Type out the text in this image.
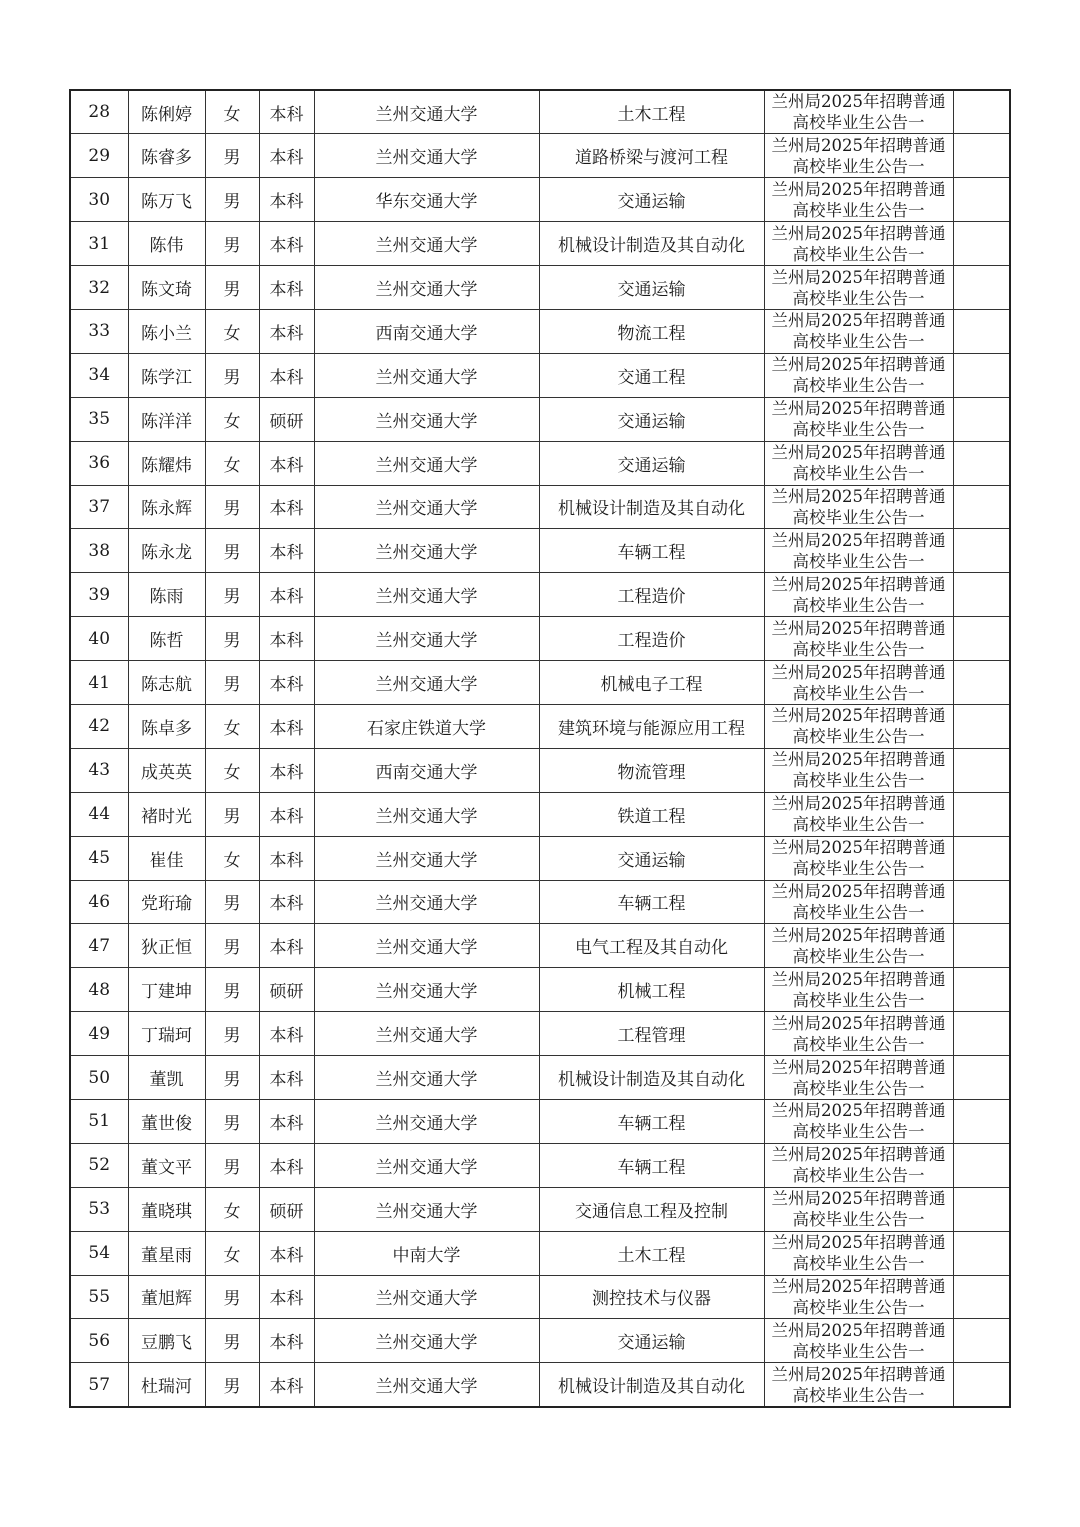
28	陈俐婷	女	本科	兰州交通大学	土木工程	兰州局2025年招聘普通
高校毕业生公告一	

29	陈睿多	男	本科	兰州交通大学	道路桥梁与渡河工程	兰州局2025年招聘普通
高校毕业生公告一	

30	陈万飞	男	本科	华东交通大学	交通运输	兰州局2025年招聘普通
高校毕业生公告一	

31	陈伟	男	本科	兰州交通大学	机械设计制造及其自动化	兰州局2025年招聘普通
高校毕业生公告一	

32	陈文琦	男	本科	兰州交通大学	交通运输	兰州局2025年招聘普通
高校毕业生公告一	

33	陈小兰	女	本科	西南交通大学	物流工程	兰州局2025年招聘普通
高校毕业生公告一	

34	陈学江	男	本科	兰州交通大学	交通工程	兰州局2025年招聘普通
高校毕业生公告一	

35	陈洋洋	女	硕研	兰州交通大学	交通运输	兰州局2025年招聘普通
高校毕业生公告一	

36	陈耀炜	女	本科	兰州交通大学	交通运输	兰州局2025年招聘普通
高校毕业生公告一	

37	陈永辉	男	本科	兰州交通大学	机械设计制造及其自动化	兰州局2025年招聘普通
高校毕业生公告一	

38	陈永龙	男	本科	兰州交通大学	车辆工程	兰州局2025年招聘普通
高校毕业生公告一	

39	陈雨	男	本科	兰州交通大学	工程造价	兰州局2025年招聘普通
高校毕业生公告一	

40	陈哲	男	本科	兰州交通大学	工程造价	兰州局2025年招聘普通
高校毕业生公告一	

41	陈志航	男	本科	兰州交通大学	机械电子工程	兰州局2025年招聘普通
高校毕业生公告一	

42	陈卓多	女	本科	石家庄铁道大学	建筑环境与能源应用工程	兰州局2025年招聘普通
高校毕业生公告一	

43	成英英	女	本科	西南交通大学	物流管理	兰州局2025年招聘普通
高校毕业生公告一	

44	褚时光	男	本科	兰州交通大学	铁道工程	兰州局2025年招聘普通
高校毕业生公告一	

45	崔佳	女	本科	兰州交通大学	交通运输	兰州局2025年招聘普通
高校毕业生公告一	

46	党珩瑜	男	本科	兰州交通大学	车辆工程	兰州局2025年招聘普通
高校毕业生公告一	

47	狄正恒	男	本科	兰州交通大学	电气工程及其自动化	兰州局2025年招聘普通
高校毕业生公告一	

48	丁建坤	男	硕研	兰州交通大学	机械工程	兰州局2025年招聘普通
高校毕业生公告一	

49	丁瑞珂	男	本科	兰州交通大学	工程管理	兰州局2025年招聘普通
高校毕业生公告一	

50	董凯	男	本科	兰州交通大学	机械设计制造及其自动化	兰州局2025年招聘普通
高校毕业生公告一	

51	董世俊	男	本科	兰州交通大学	车辆工程	兰州局2025年招聘普通
高校毕业生公告一	

52	董文平	男	本科	兰州交通大学	车辆工程	兰州局2025年招聘普通
高校毕业生公告一	

53	董晓琪	女	硕研	兰州交通大学	交通信息工程及控制	兰州局2025年招聘普通
高校毕业生公告一	

54	董星雨	女	本科	中南大学	土木工程	兰州局2025年招聘普通
高校毕业生公告一	

55	董旭辉	男	本科	兰州交通大学	测控技术与仪器	兰州局2025年招聘普通
高校毕业生公告一	

56	豆鹏飞	男	本科	兰州交通大学	交通运输	兰州局2025年招聘普通
高校毕业生公告一	

57	杜瑞河	男	本科	兰州交通大学	机械设计制造及其自动化	兰州局2025年招聘普通
高校毕业生公告一	
